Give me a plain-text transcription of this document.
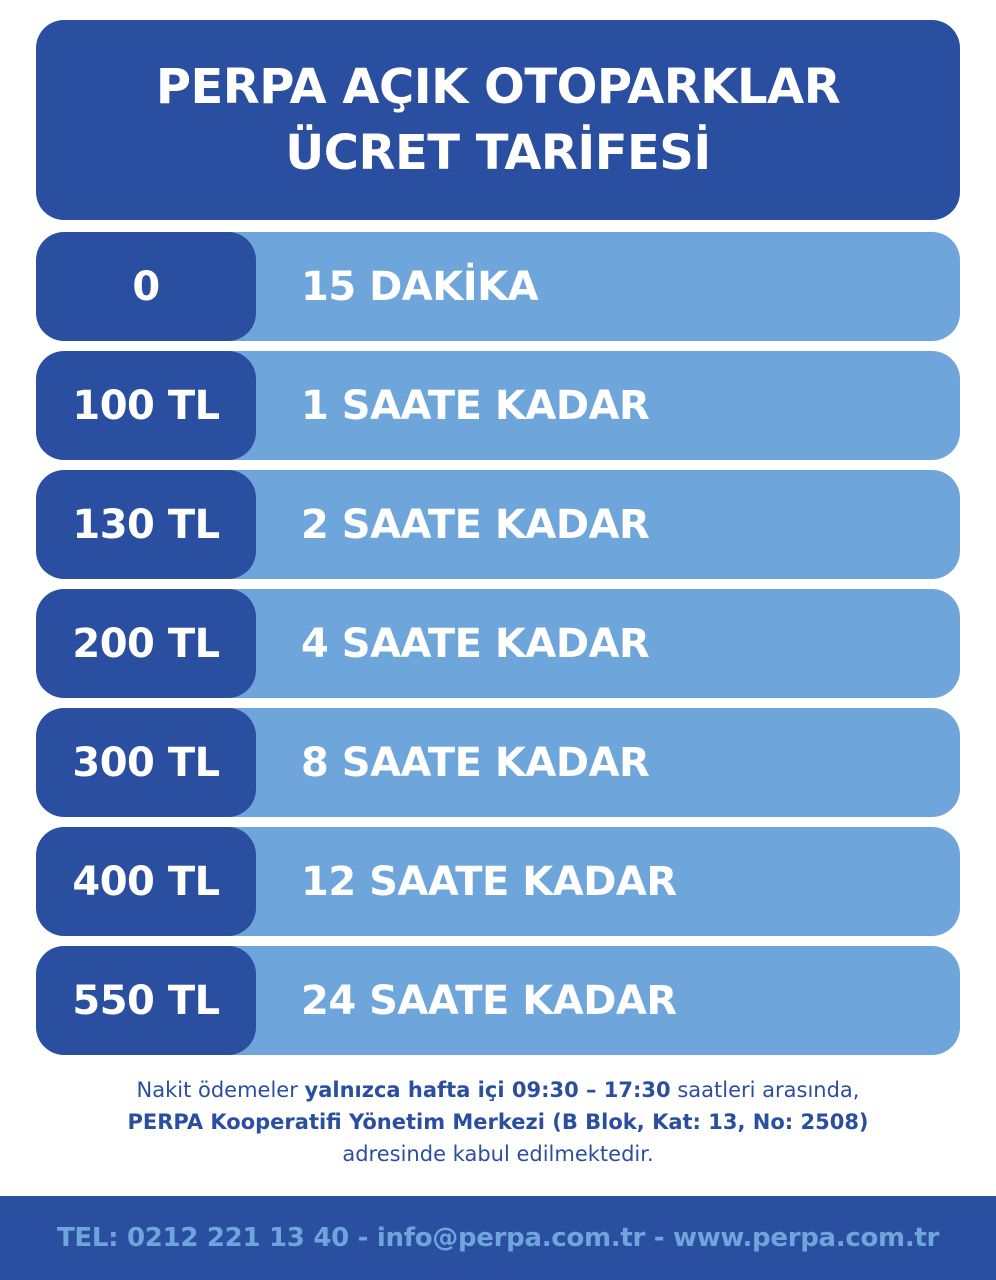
PERPA AÇIK OTOPARKLAR
ÜCRET TARİFESİ
0	15 DAKİKA
100 TL	1 SAATE KADAR
130 TL	2 SAATE KADAR
200 TL	4 SAATE KADAR
300 TL	8 SAATE KADAR
400 TL	12 SAATE KADAR
550 TL	24 SAATE KADAR
Nakit ödemeler yalnızca hafta içi 09:30 – 17:30 saatleri arasında,
PERPA Kooperatifi Yönetim Merkezi (B Blok, Kat: 13, No: 2508)
adresinde kabul edilmektedir.
TEL: 0212 221 13 40 - info@perpa.com.tr - www.perpa.com.tr
